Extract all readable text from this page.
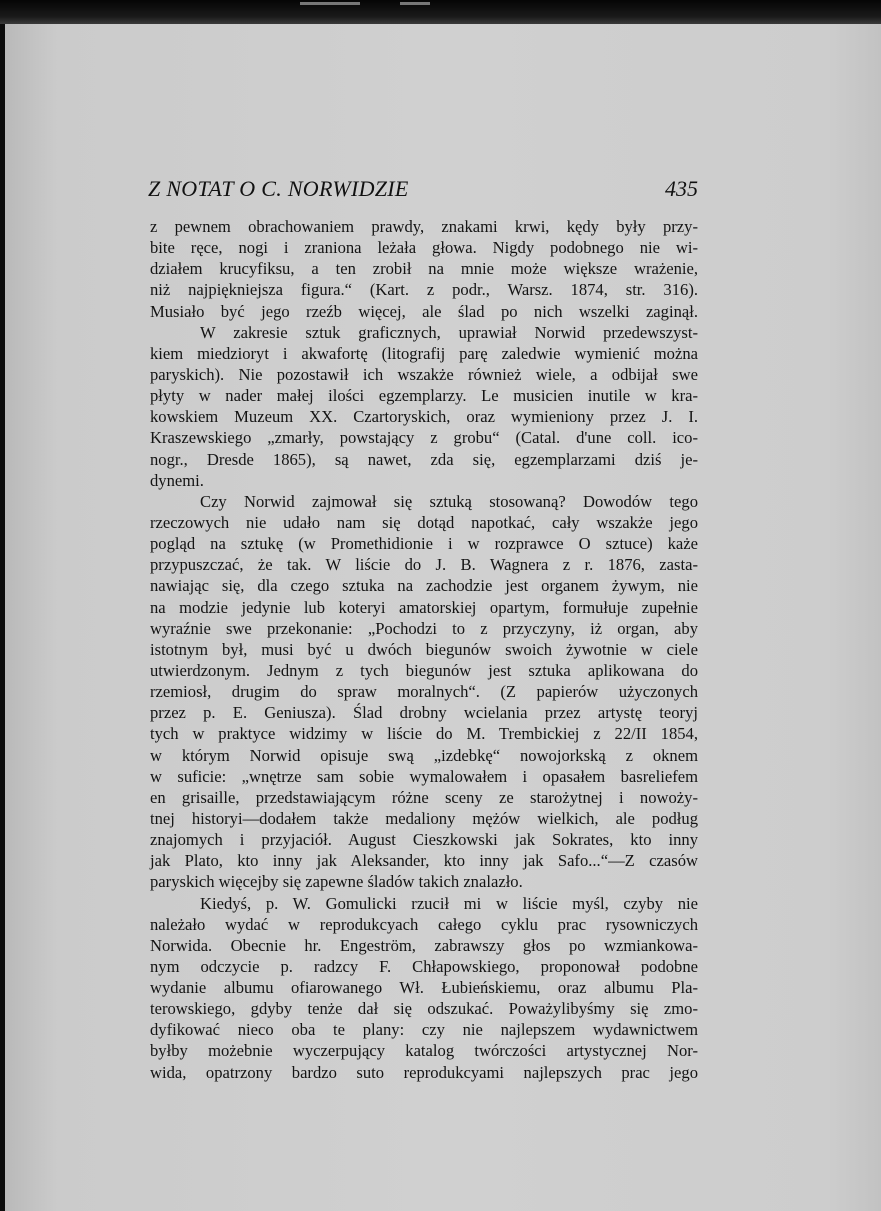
Z NOTAT O C. NORWIDZIE	435
z pewnem obrachowaniem prawdy, znakami krwi, kędy były przy-
bite ręce, nogi i zraniona leżała głowa. Nigdy podobnego nie wi-
działem krucyfiksu, a ten zrobił na mnie może większe wrażenie,
niż najpiękniejsza figura.“ (Kart. z podr., Warsz. 1874, str. 316).
Musiało być jego rzeźb więcej, ale ślad po nich wszelki zaginął.
W zakresie sztuk graficznych, uprawiał Norwid przedewszyst-
kiem miedzioryt i akwafortę (litografij parę zaledwie wymienić można
paryskich). Nie pozostawił ich wszakże również wiele, a odbijał swe
płyty w nader małej ilości egzemplarzy. Le musicien inutile w kra-
kowskiem Muzeum XX. Czartoryskich, oraz wymieniony przez J. I.
Kraszewskiego „zmarły, powstający z grobu“ (Catal. d'une coll. ico-
nogr., Dresde 1865), są nawet, zda się, egzemplarzami dziś je-
dynemi.
Czy Norwid zajmował się sztuką stosowaną? Dowodów tego
rzeczowych nie udało nam się dotąd napotkać, cały wszakże jego
pogląd na sztukę (w Promethidionie i w rozprawce O sztuce) każe
przypuszczać, że tak. W liście do J. B. Wagnera z r. 1876, zasta-
nawiając się, dla czego sztuka na zachodzie jest organem żywym, nie
na modzie jedynie lub koteryi amatorskiej opartym, formułuje zupełnie
wyraźnie swe przekonanie: „Pochodzi to z przyczyny, iż organ, aby
istotnym był, musi być u dwóch biegunów swoich żywotnie w ciele
utwierdzonym. Jednym z tych biegunów jest sztuka aplikowana do
rzemiosł, drugim do spraw moralnych“. (Z papierów użyczonych
przez p. E. Geniusza). Ślad drobny wcielania przez artystę teoryj
tych w praktyce widzimy w liście do M. Trembickiej z 22/II 1854,
w którym Norwid opisuje swą „izdebkę“ nowojorkską z oknem
w suficie: „wnętrze sam sobie wymalowałem i opasałem basreliefem
en grisaille, przedstawiającym różne sceny ze starożytnej i nowoży-
tnej historyi—dodałem także medaliony mężów wielkich, ale podług
znajomych i przyjaciół. August Cieszkowski jak Sokrates, kto inny
jak Plato, kto inny jak Aleksander, kto inny jak Safo...“—Z czasów
paryskich więcejby się zapewne śladów takich znalazło.
Kiedyś, p. W. Gomulicki rzucił mi w liście myśl, czyby nie
należało wydać w reprodukcyach całego cyklu prac rysowniczych
Norwida. Obecnie hr. Engeström, zabrawszy głos po wzmiankowa-
nym odczycie p. radzcy F. Chłapowskiego, proponował podobne
wydanie albumu ofiarowanego Wł. Łubieńskiemu, oraz albumu Pla-
terowskiego, gdyby tenże dał się odszukać. Poważylibyśmy się zmo-
dyfikować nieco oba te plany: czy nie najlepszem wydawnictwem
byłby możebnie wyczerpujący katalog twórczości artystycznej Nor-
wida, opatrzony bardzo suto reprodukcyami najlepszych prac jego
